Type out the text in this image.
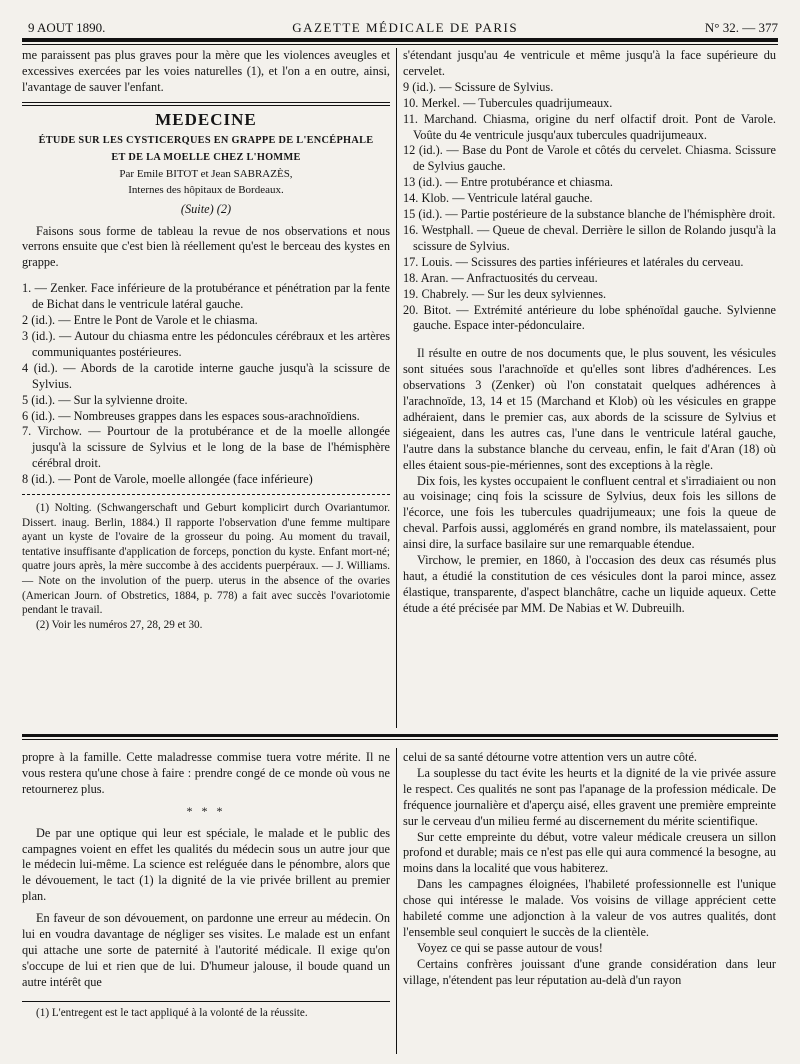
9 AOUT 1890.	GAZETTE MÉDICALE DE PARIS	N° 32. — 377

me paraissent pas plus graves pour la mère que les violences aveugles et excessives exercées par les voies naturelles (1), et l'on a en outre, ainsi, l'avantage de sauver l'enfant.

MEDECINE
ÉTUDE SUR LES CYSTICERQUES EN GRAPPE DE L'ENCÉPHALE
ET DE LA MOELLE CHEZ L'HOMME
Par Emile BITOT et Jean SABRAZÈS,
Internes des hôpitaux de Bordeaux.
(Suite) (2)

Faisons sous forme de tableau la revue de nos observations et nous verrons ensuite que c'est bien là réellement qu'est le berceau des kystes en grappe.

1. — Zenker. Face inférieure de la protubérance et pénétration par la fente de Bichat dans le ventricule latéral gauche.

2 (id.). — Entre le Pont de Varole et le chiasma.

3 (id.). — Autour du chiasma entre les pédoncules cérébraux et les artères communiquantes postérieures.

4 (id.). — Abords de la carotide interne gauche jusqu'à la scissure de Sylvius.

5 (id.). — Sur la sylvienne droite.

6 (id.). — Nombreuses grappes dans les espaces sous-arachnoïdiens.

7. Virchow. — Pourtour de la protubérance et de la moelle allongée jusqu'à la scissure de Sylvius et le long de la base de l'hémisphère cérébral droit.

8 (id.). — Pont de Varole, moelle allongée (face inférieure)

(1) Nolting. (Schwangerschaft und Geburt komplicirt durch Ovariantumor. Dissert. inaug. Berlin, 1884.) Il rapporte l'observation d'une femme multipare ayant un kyste de l'ovaire de la grosseur du poing. Au moment du travail, tentative insuffisante d'application de forceps, ponction du kyste. Enfant mort-né; quatre jours après, la mère succombe à des accidents puerpéraux. — J. Williams. — Note on the involution of the puerp. uterus in the absence of the ovaries (American Journ. of Obstretics, 1884, p. 778) a fait avec succès l'ovariotomie pendant le travail.

(2) Voir les numéros 27, 28, 29 et 30.

s'étendant jusqu'au 4e ventricule et même jusqu'à la face supérieure du cervelet.

9 (id.). — Scissure de Sylvius.

10. Merkel. — Tubercules quadrijumeaux.

11. Marchand. Chiasma, origine du nerf olfactif droit. Pont de Varole. Voûte du 4e ventricule jusqu'aux tubercules quadrijumeaux.

12 (id.). — Base du Pont de Varole et côtés du cervelet. Chiasma. Scissure de Sylvius gauche.

13 (id.). — Entre protubérance et chiasma.

14. Klob. — Ventricule latéral gauche.

15 (id.). — Partie postérieure de la substance blanche de l'hémisphère droit.

16. Westphall. — Queue de cheval. Derrière le sillon de Rolando jusqu'à la scissure de Sylvius.

17. Louis. — Scissures des parties inférieures et latérales du cerveau.

18. Aran. — Anfractuosités du cerveau.

19. Chabrely. — Sur les deux sylviennes.

20. Bitot. — Extrémité antérieure du lobe sphénoïdal gauche. Sylvienne gauche. Espace inter-pédonculaire.

Il résulte en outre de nos documents que, le plus souvent, les vésicules sont situées sous l'arachnoïde et qu'elles sont libres d'adhérences. Les observations 3 (Zenker) où l'on constatait quelques adhérences à l'arachnoïde, 13, 14 et 15 (Marchand et Klob) où les vésicules en grappe adhéraient, dans le premier cas, aux abords de la scissure de Sylvius et siégeaient, dans les autres cas, l'une dans le ventricule latéral gauche, l'autre dans la substance blanche du cerveau, enfin, le fait d'Aran (18) où elles étaient sous-pie-mériennes, sont des exceptions à la règle.

Dix fois, les kystes occupaient le confluent central et s'irradiaient ou non au voisinage; cinq fois la scissure de Sylvius, deux fois les sillons de l'écorce, une fois les tubercules quadrijumeaux; une fois la queue de cheval. Parfois aussi, agglomérés en grand nombre, ils matelassaient, pour ainsi dire, la surface basilaire sur une remarquable étendue.

Virchow, le premier, en 1860, à l'occasion des deux cas résumés plus haut, a étudié la constitution de ces vésicules dont la paroi mince, assez élastique, transparente, d'aspect blanchâtre, cache un liquide aqueux. Cette étude a été précisée par MM. De Nabias et W. Dubreuilh.

propre à la famille. Cette maladresse commise tuera votre mérite. Il ne vous restera qu'une chose à faire : prendre congé de ce monde où vous ne retournerez plus.

* * *

De par une optique qui leur est spéciale, le malade et le public des campagnes voient en effet les qualités du médecin sous un autre jour que le médecin lui-même. La science est reléguée dans le pénombre, alors que le dévouement, le tact (1) la dignité de la vie privée brillent au premier plan.

En faveur de son dévouement, on pardonne une erreur au médecin. On lui en voudra davantage de négliger ses visites. Le malade est un enfant qui attache une sorte de paternité à l'autorité médicale. Il exige qu'on s'occupe de lui et rien que de lui. D'humeur jalouse, il boude quand un autre intérêt que

(1) L'entregent est le tact appliqué à la volonté de la réussite.

celui de sa santé détourne votre attention vers un autre côté.

La souplesse du tact évite les heurts et la dignité de la vie privée assure le respect. Ces qualités ne sont pas l'apanage de la profession médicale. De fréquence journalière et d'aperçu aisé, elles gravent une première empreinte sur le cerveau d'un milieu fermé au discernement du mérite scientifique.

Sur cette empreinte du début, votre valeur médicale creusera un sillon profond et durable; mais ce n'est pas elle qui aura commencé la besogne, au moins dans la localité que vous habiterez.

Dans les campagnes éloignées, l'habileté professionnelle est l'unique chose qui intéresse le malade. Vos voisins de village apprécient cette habileté comme une adjonction à la valeur de vos autres qualités, dont l'ensemble seul conquiert le succès de la clientèle.

Voyez ce qui se passe autour de vous!

Certains confrères jouissant d'une grande considération dans leur village, n'étendent pas leur réputation au-delà d'un rayon
